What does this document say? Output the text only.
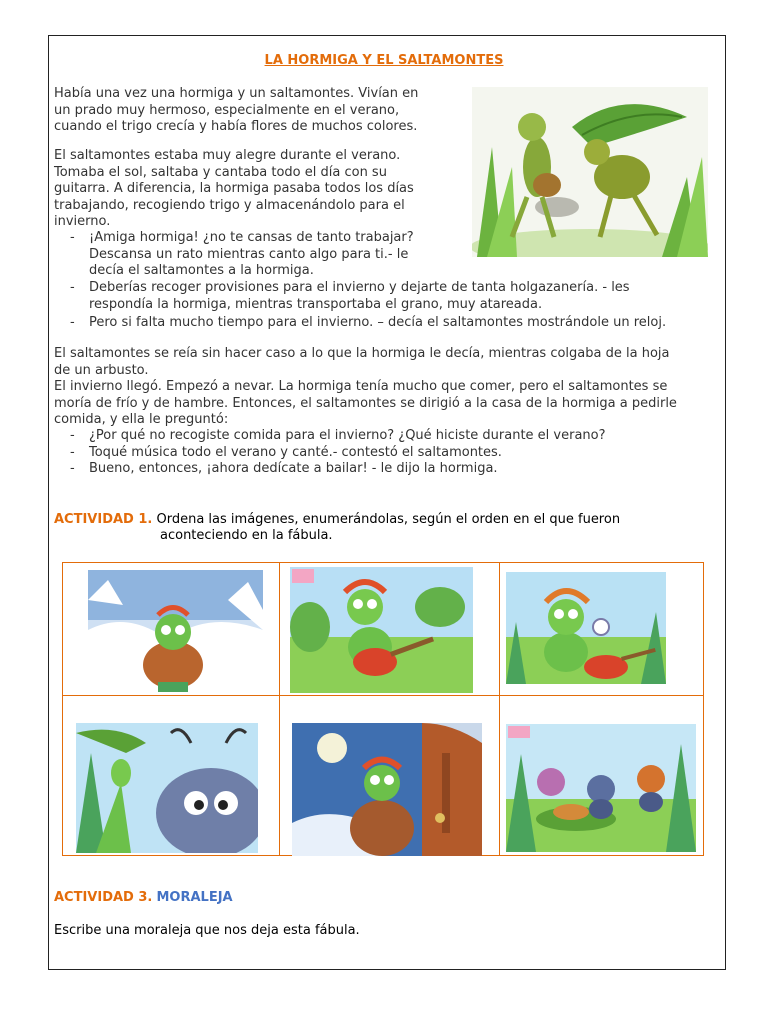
LA HORMIGA Y EL SALTAMONTES
Había una vez una hormiga y un saltamontes. Vivían en
un prado muy hermoso, especialmente en el verano,
cuando el trigo crecía y había flores de muchos colores.
El saltamontes estaba muy alegre durante el verano.
Tomaba el sol, saltaba y cantaba todo el día con su
guitarra. A diferencia, la hormiga pasaba todos los días
trabajando, recogiendo trigo y almacenándolo para el
invierno.
- ¡Amiga hormiga! ¿no te cansas de tanto trabajar?
Descansa un rato mientras canto algo para ti.- le
decía el saltamontes a la hormiga.
- Deberías recoger provisiones para el invierno y dejarte de tanta holgazanería. - les
respondía la hormiga, mientras transportaba el grano, muy atareada.
- Pero si falta mucho tiempo para el invierno. – decía el saltamontes mostrándole un reloj.
El saltamontes se reía sin hacer caso a lo que la hormiga le decía, mientras colgaba de la hoja
de un arbusto.
El invierno llegó. Empezó a nevar. La hormiga tenía mucho que comer, pero el saltamontes se
moría de frío y de hambre. Entonces, el saltamontes se dirigió a la casa de la hormiga a pedirle
comida, y ella le preguntó:
- ¿Por qué no recogiste comida para el invierno? ¿Qué hiciste durante el verano?
- Toqué música todo el verano y canté.- contestó el saltamontes.
- Bueno, entonces, ¡ahora dedícate a bailar! - le dijo la hormiga.
ACTIVIDAD 1. Ordena las imágenes, enumerándolas, según el orden en el que fueron
aconteciendo en la fábula.
ACTIVIDAD 3. MORALEJA
Escribe una moraleja que nos deja esta fábula.
